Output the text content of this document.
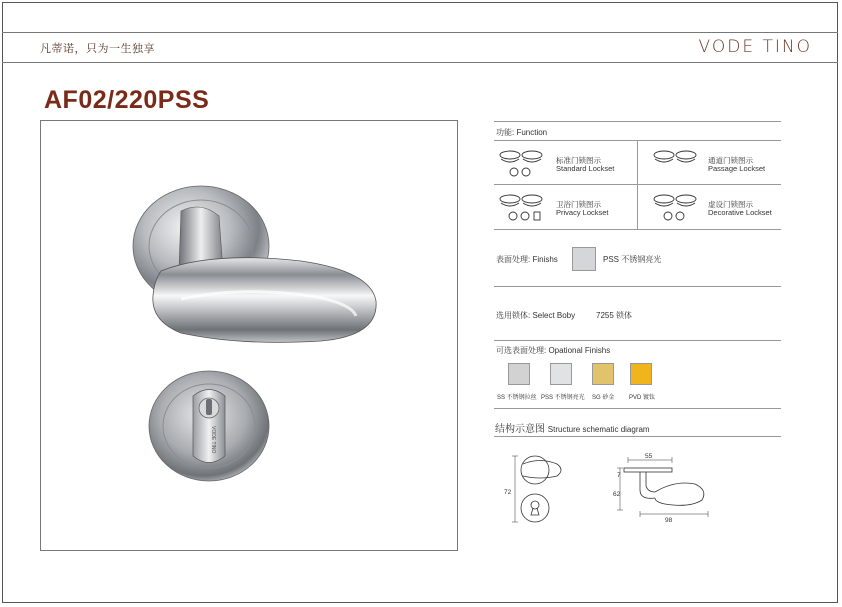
凡蒂诺，只为一生独享	VODE TINO
AF02/220PSS
VODE TINO
功能: Function
标准门锁图示
Standard Lockset
通道门锁图示
Passage Lockset
卫浴门锁图示
Privacy Lockset
虚设门锁图示
Decorative Lockset
表面处理: Finishs	PSS 不锈钢亮光
选用锁体: Select Boby	7255 锁体
可选表面处理: Opational Finishs
SS 不锈钢拉丝 PSS 不锈钢亮光 SG 砂金 PVD 镀钛
结构示意图 Structure schematic diagram
72
55
7
62
98
